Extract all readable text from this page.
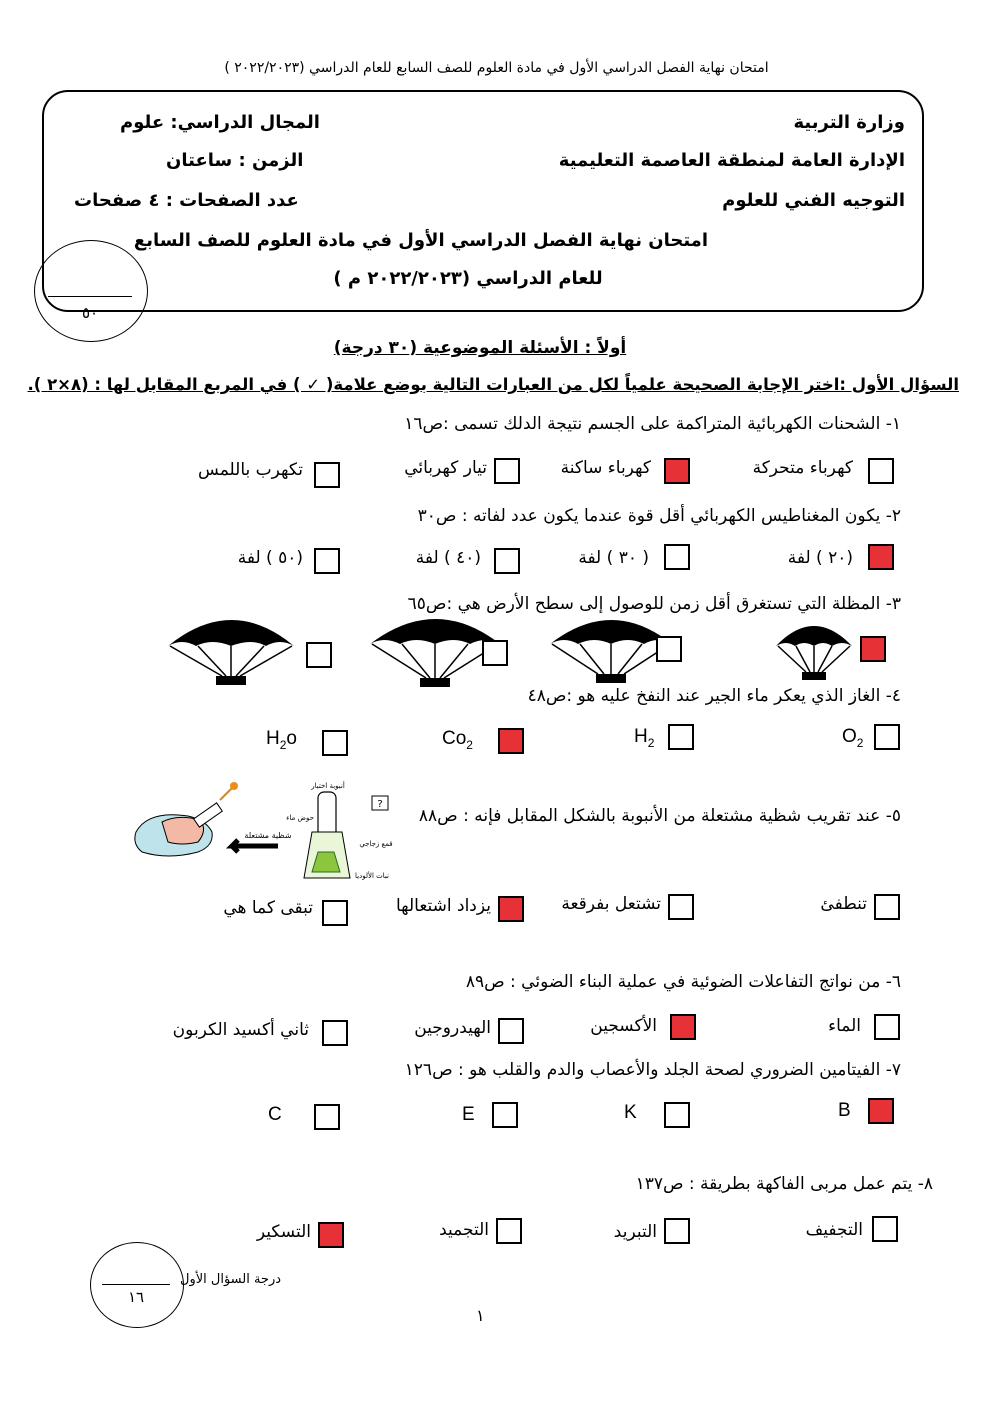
امتحان نهاية الفصل الدراسي الأول في مادة العلوم للصف السابع للعام الدراسي (٢٠٢٢/٢٠٢٣ )
وزارة التربية
الإدارة العامة لمنطقة العاصمة التعليمية
التوجيه الفني للعلوم
المجال الدراسي: علوم
الزمن : ساعتان
عدد الصفحات : ٤ صفحات
امتحان نهاية الفصل الدراسي الأول في مادة العلوم للصف السابع
للعام الدراسي (٢٠٢٢/٢٠٢٣ م )
٥٠
أولاً : الأسئلة الموضوعية (٣٠ درجة)
السؤال الأول :اختر الإجابة الصحيحة علمياً لكل من العبارات التالية بوضع علامة( ✓ ) في المربع المقابل لها : (٨×٢ ).
١- الشحنات الكهربائية المتراكمة على الجسم نتيجة الدلك تسمى :ص١٦
كهرباء متحركة
كهرباء ساكنة
تيار كهربائي
تكهرب باللمس
٢- يكون المغناطيس الكهربائي أقل قوة عندما يكون عدد لفاته : ص٣٠
(٢٠ ) لفة
( ٣٠ ) لفة
(٤٠ ) لفة
(٥٠ ) لفة
٣- المظلة التي تستغرق أقل زمن للوصول إلى سطح الأرض هي :ص٦٥
٤- الغاز الذي يعكر ماء الجير عند النفخ عليه هو :ص٤٨
$O_2$
$H_2$
$Co_2$
$H_2o$
٥- عند تقريب شظية مشتعلة من الأنبوبة بالشكل المقابل فإنه : ص٨٨
شظية مشتعلة
?
أنبوبة اختبار
حوض ماء
قمع زجاجي
نبات الألوديا
تنطفئ
تشتعل بفرقعة
يزداد اشتعالها
تبقى كما هي
٦- من نواتج التفاعلات الضوئية في عملية البناء الضوئي : ص٨٩
الماء
الأكسجين
الهيدروجين
ثاني أكسيد الكربون
٧- الفيتامين الضروري لصحة الجلد والأعصاب والدم والقلب هو : ص١٢٦
B
K
E
C
٨- يتم عمل مربى الفاكهة بطريقة : ص١٣٧
التجفيف
التبريد
التجميد
التسكير
١٦
درجة السؤال الأول
١
